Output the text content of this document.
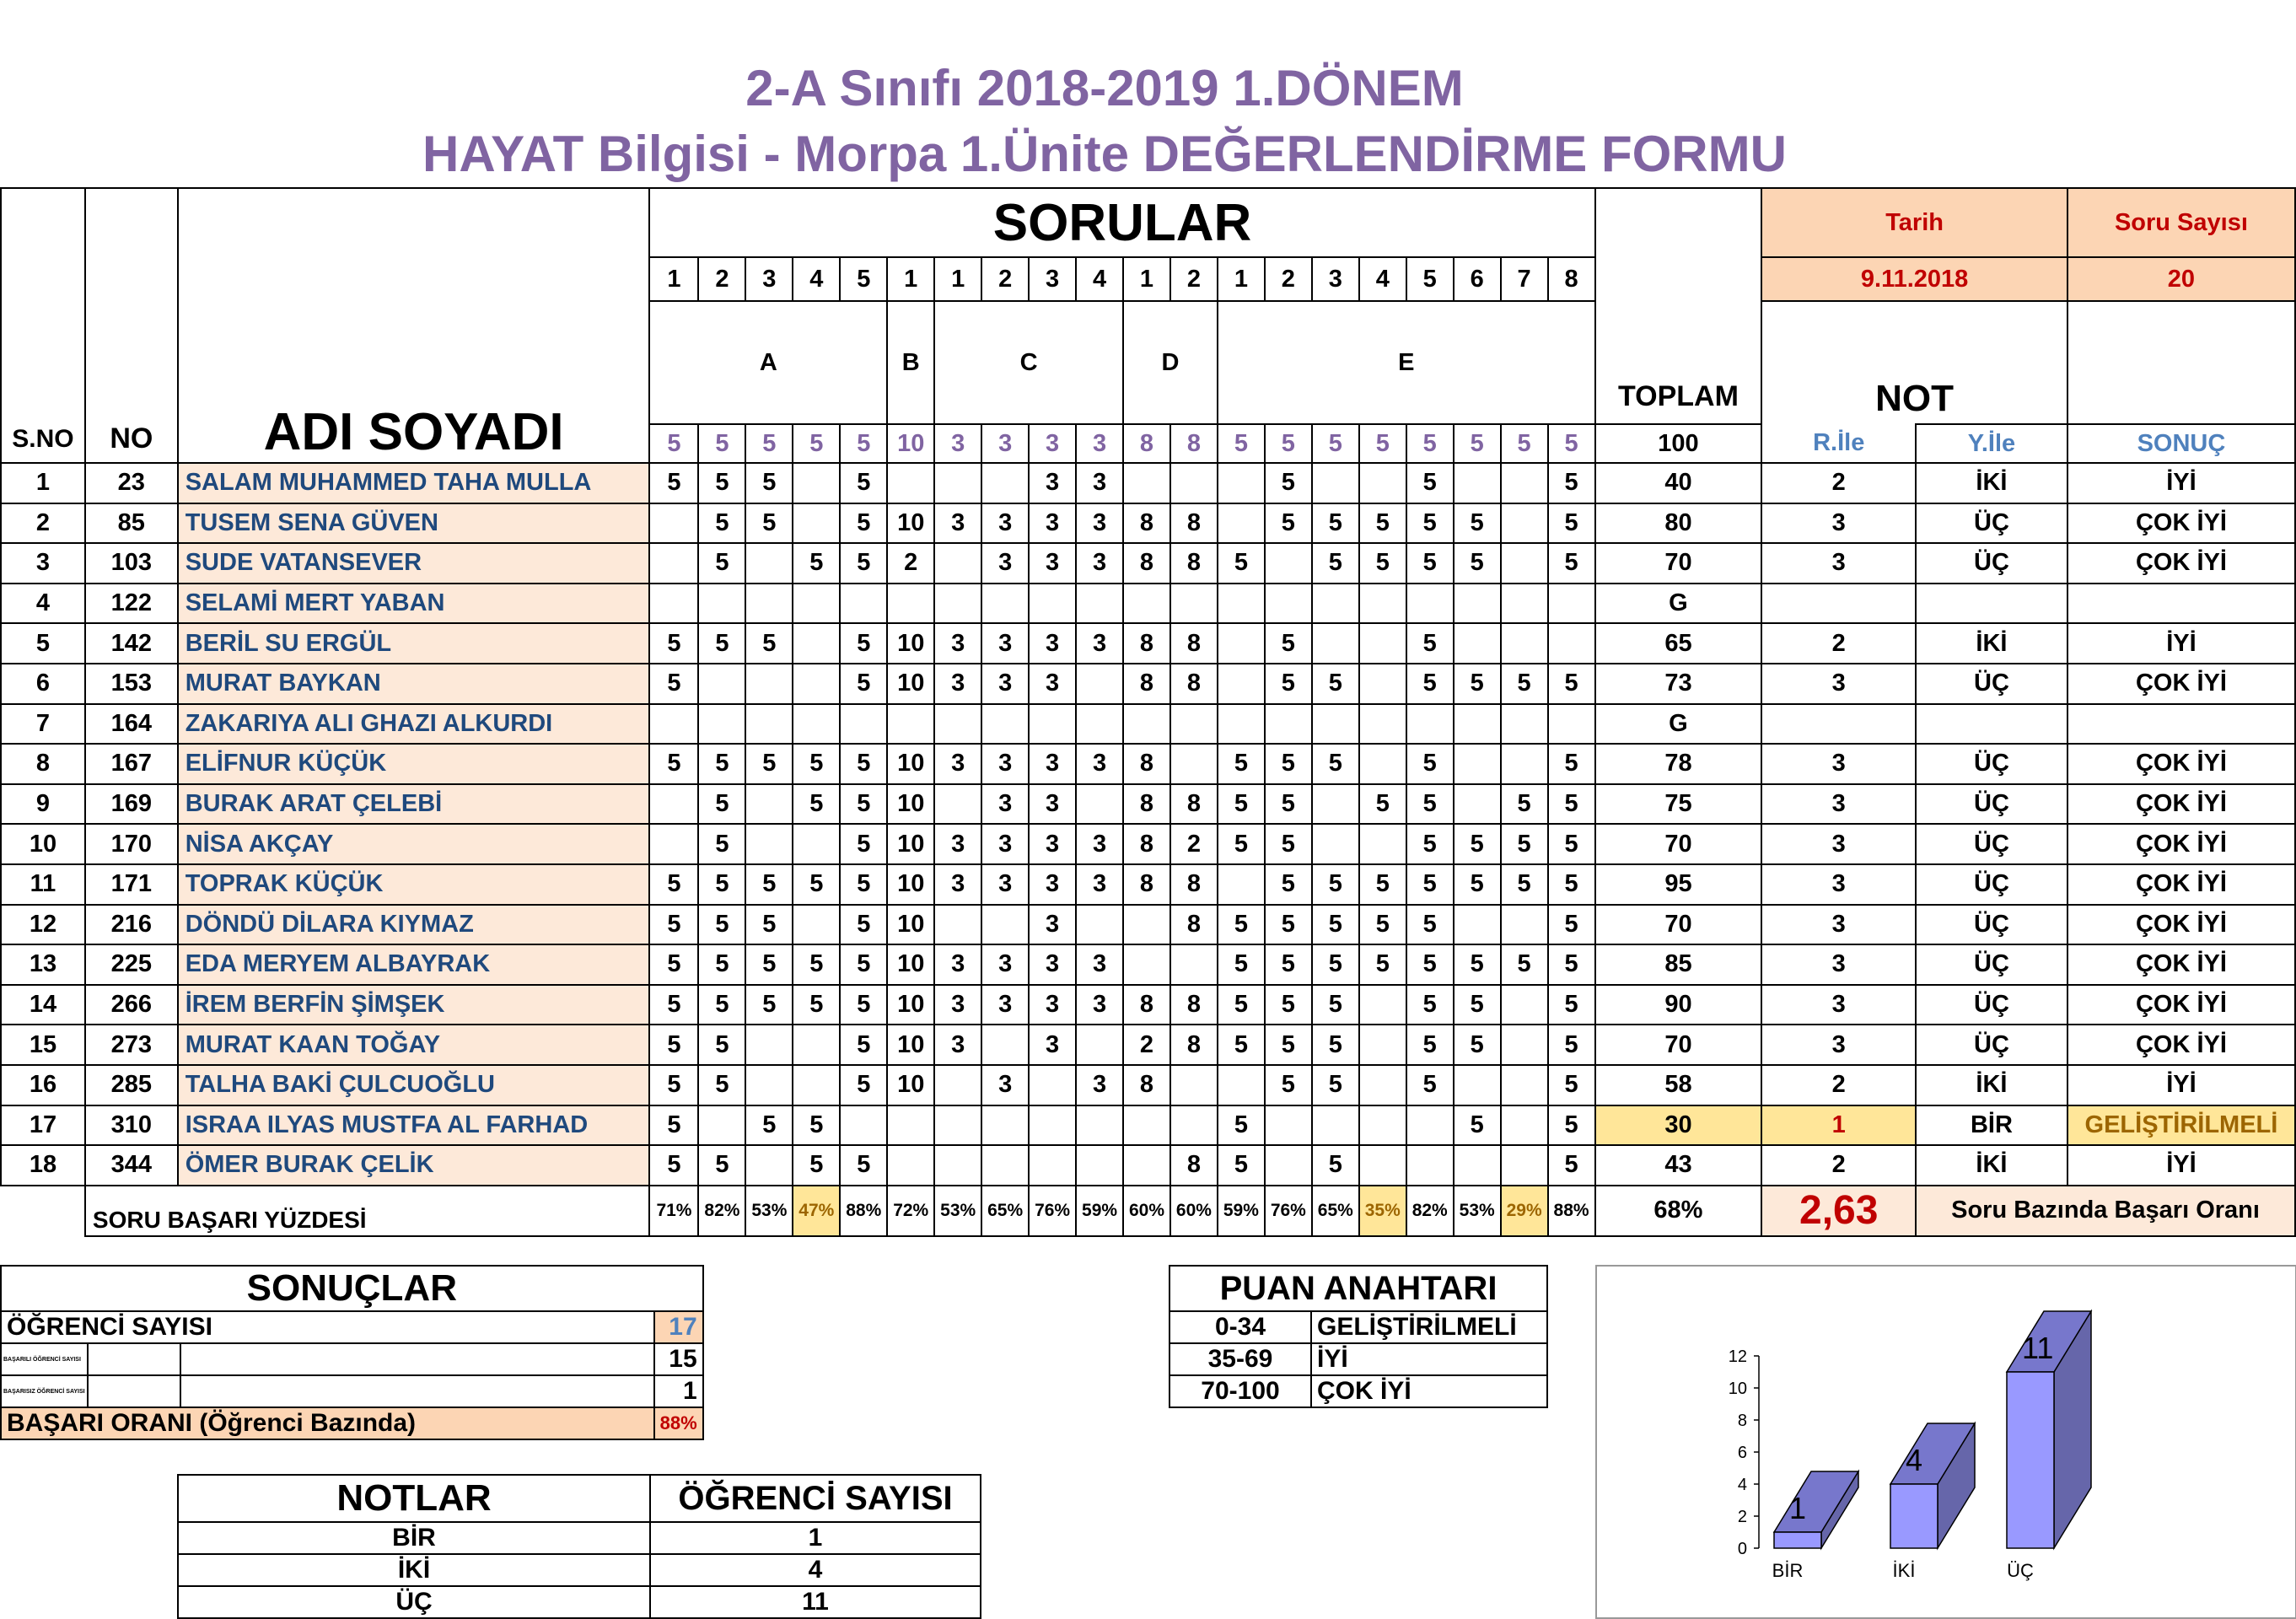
2-A Sınıfı 2018-2019 1.DÖNEM
HAYAT Bilgisi - Morpa 1.Ünite DEĞERLENDİRME FORMU
S.NO	NO	ADI SOYADI	SORULAR																				TOPLAM	Tarih		Soru Sayısı
			1	2	3	4	5	1	1	2	3	4	1	2	1	2	3	4	5	6	7	8		9.11.2018		20
			A					B	C				D		E									NOT		
			5	5	5	5	5	10	3	3	3	3	8	8	5	5	5	5	5	5	5	5	100	R.İle	Y.İle	SONUÇ
1	23	SALAM MUHAMMED TAHA MULLA	5	5	5		5				3	3				5			5			5	40	2	İKİ	İYİ
2	85	TUSEM SENA GÜVEN		5	5		5	10	3	3	3	3	8	8		5	5	5	5	5		5	80	3	ÜÇ	ÇOK İYİ
3	103	SUDE VATANSEVER		5		5	5	2		3	3	3	8	8	5		5	5	5	5		5	70	3	ÜÇ	ÇOK İYİ
4	122	SELAMİ MERT YABAN																					G			
5	142	BERİL SU ERGÜL	5	5	5		5	10	3	3	3	3	8	8		5			5				65	2	İKİ	İYİ
6	153	MURAT BAYKAN	5				5	10	3	3	3		8	8		5	5		5	5	5	5	73	3	ÜÇ	ÇOK İYİ
7	164	ZAKARIYA ALI GHAZI ALKURDI																					G			
8	167	ELİFNUR KÜÇÜK	5	5	5	5	5	10	3	3	3	3	8		5	5	5		5			5	78	3	ÜÇ	ÇOK İYİ
9	169	BURAK ARAT ÇELEBİ		5		5	5	10		3	3		8	8	5	5		5	5		5	5	75	3	ÜÇ	ÇOK İYİ
10	170	NİSA AKÇAY		5			5	10	3	3	3	3	8	2	5	5			5	5	5	5	70	3	ÜÇ	ÇOK İYİ
11	171	TOPRAK KÜÇÜK	5	5	5	5	5	10	3	3	3	3	8	8		5	5	5	5	5	5	5	95	3	ÜÇ	ÇOK İYİ
12	216	DÖNDÜ DİLARA KIYMAZ	5	5	5		5	10			3			8	5	5	5	5	5			5	70	3	ÜÇ	ÇOK İYİ
13	225	EDA MERYEM ALBAYRAK	5	5	5	5	5	10	3	3	3	3			5	5	5	5	5	5	5	5	85	3	ÜÇ	ÇOK İYİ
14	266	İREM BERFİN ŞİMŞEK	5	5	5	5	5	10	3	3	3	3	8	8	5	5	5		5	5		5	90	3	ÜÇ	ÇOK İYİ
15	273	MURAT KAAN TOĞAY	5	5			5	10	3		3		2	8	5	5	5		5	5		5	70	3	ÜÇ	ÇOK İYİ
16	285	TALHA BAKİ ÇULCUOĞLU	5	5			5	10		3		3	8			5	5		5			5	58	2	İKİ	İYİ
17	310	ISRAA ILYAS MUSTFA AL FARHAD	5		5	5									5					5		5	30	1	BİR	GELİŞTİRİLMELİ
18	344	ÖMER BURAK ÇELİK	5	5		5	5							8	5		5					5	43	2	İKİ	İYİ
	SORU BAŞARI YÜZDESİ		71%	82%	53%	47%	88%	72%	53%	65%	76%	59%	60%	60%	59%	76%	65%	35%	82%	53%	29%	88%	68%	2,63	Soru Bazında Başarı Oranı	
SONUÇLAR			
ÖĞRENCİ SAYISI			17
BAŞARILI ÖĞRENCİ SAYISI			15
BAŞARISIZ ÖĞRENCİ SAYISI			1
BAŞARI ORANI (Öğrenci Bazında)			88%
PUAN ANAHTARI	
0-34	GELİŞTİRİLMELİ
35-69	İYİ
70-100	ÇOK İYİ
NOTLAR	ÖĞRENCİ SAYISI
BİR	1
İKİ	4
ÜÇ	11
0
2
4
6
8
10
12
1
BİR
4
İKİ
11
ÜÇ
